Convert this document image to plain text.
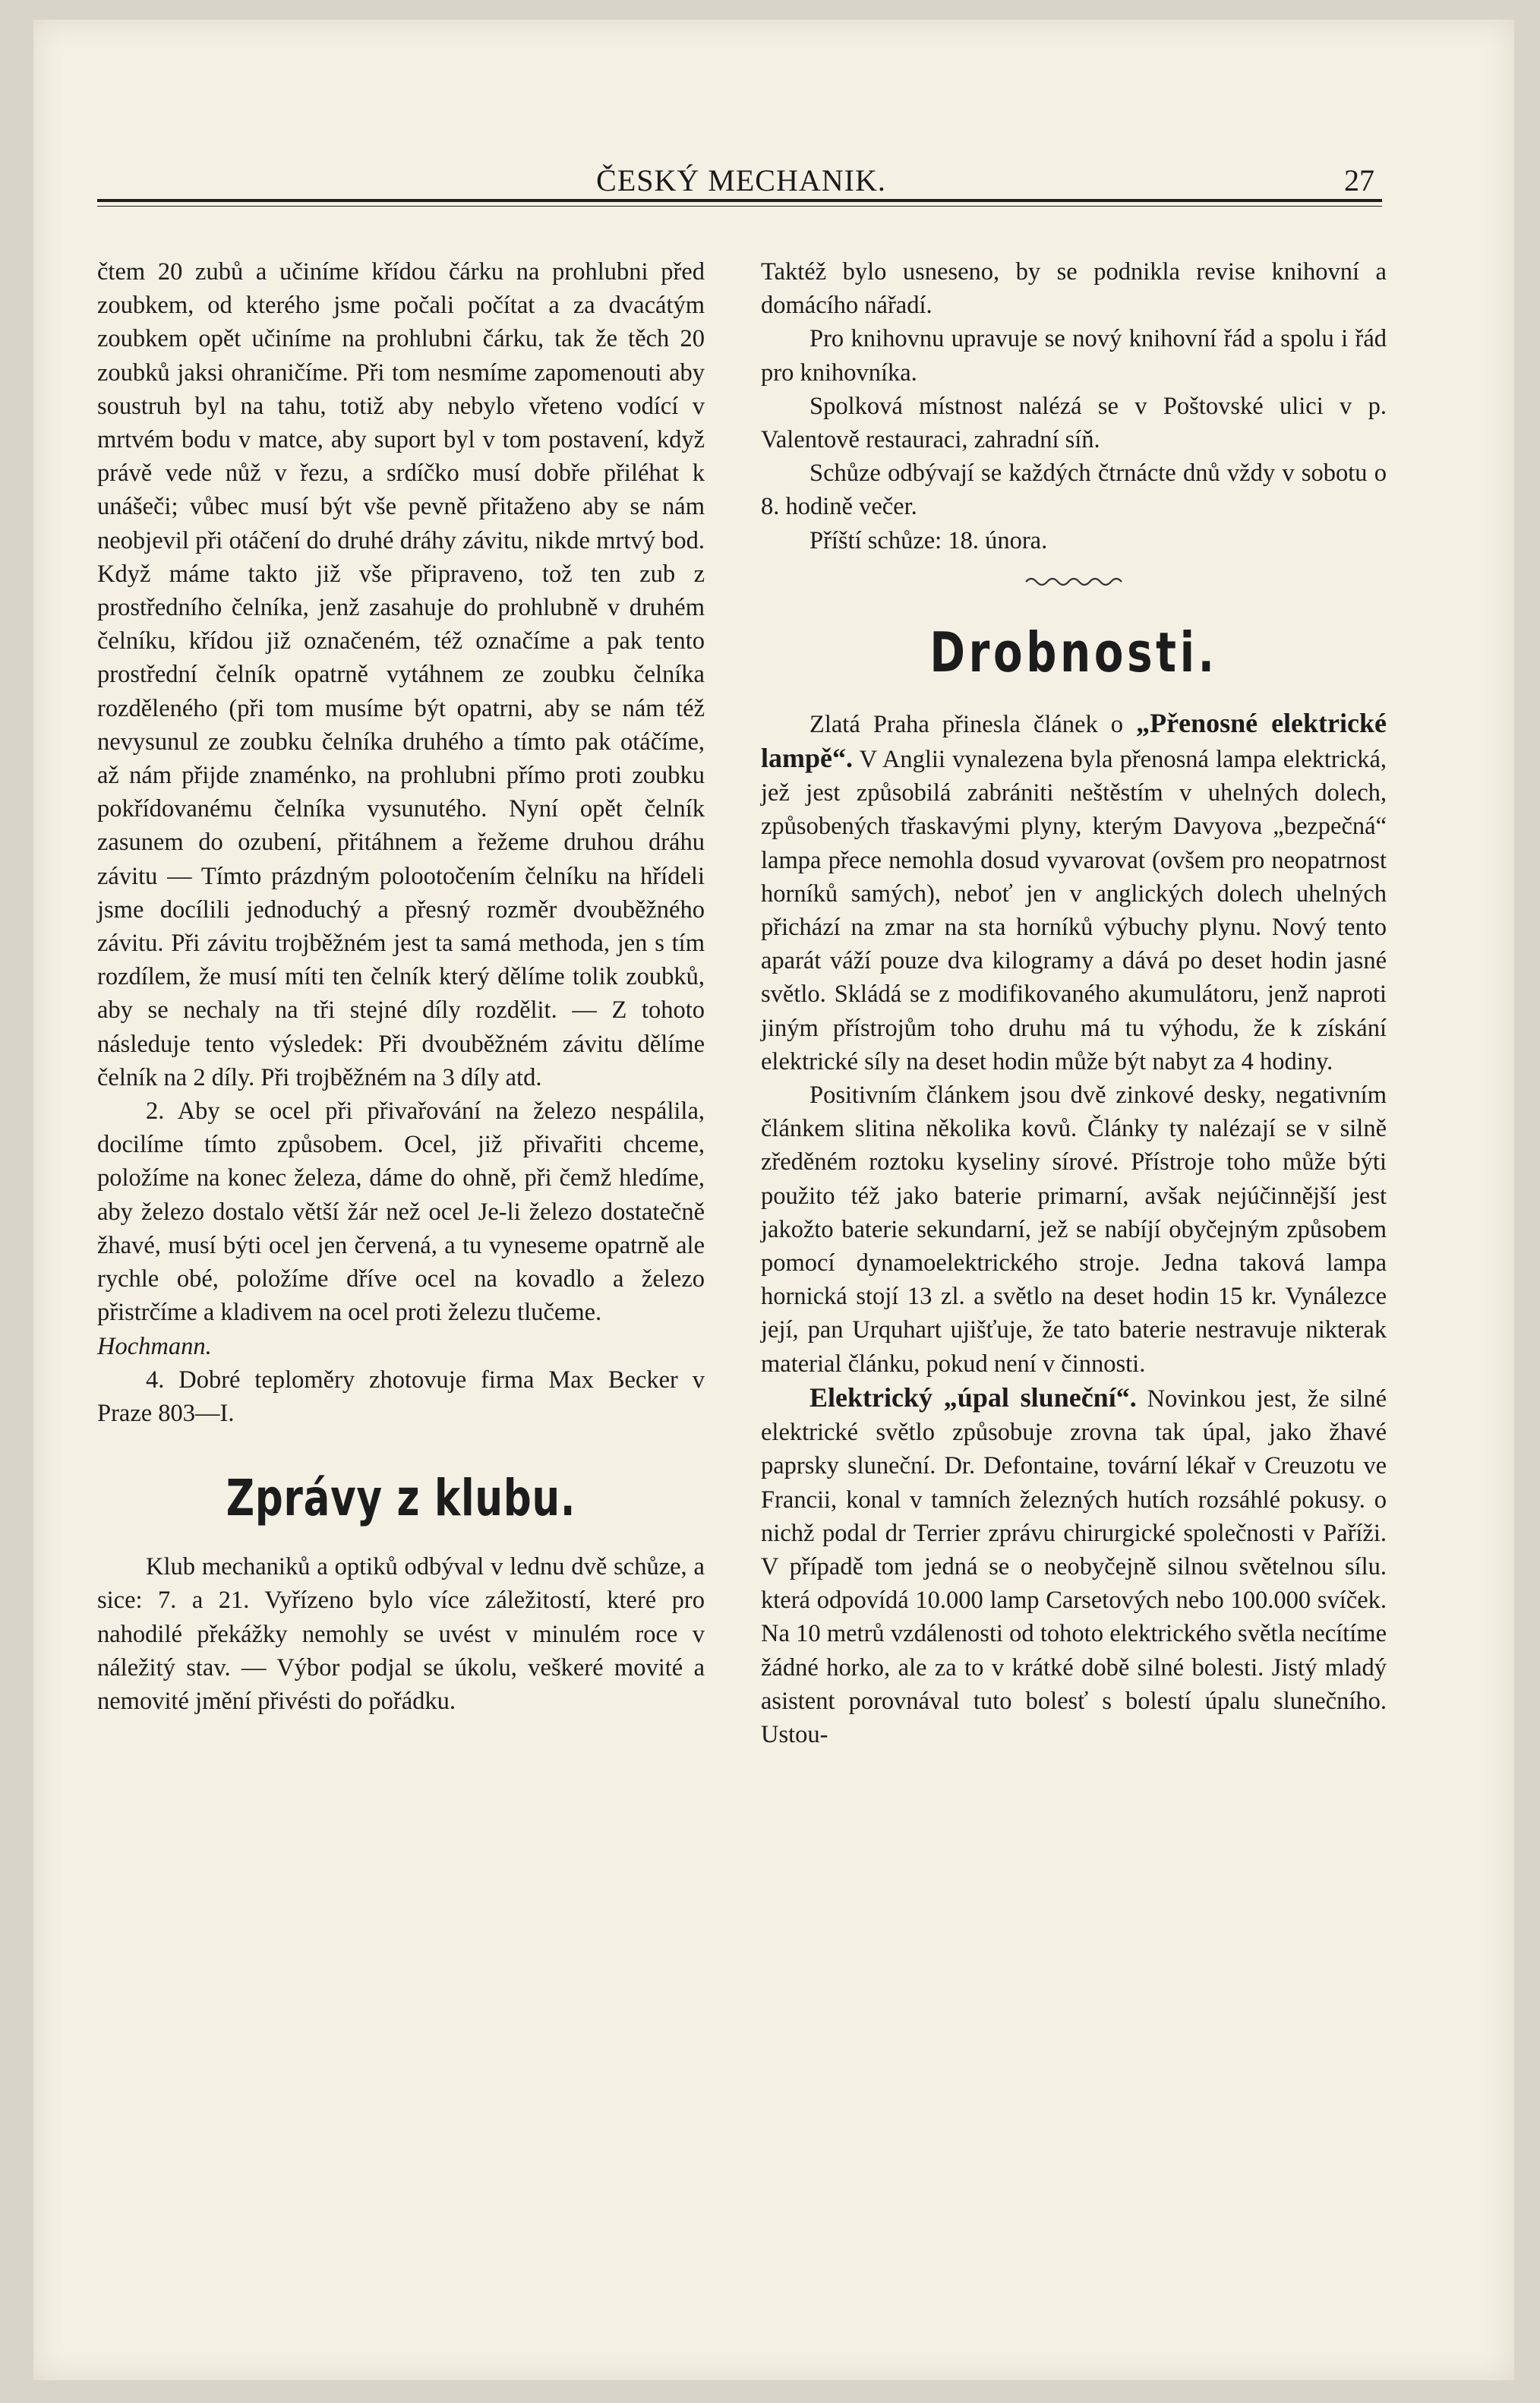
ČESKÝ MECHANIK.	27

čtem 20 zubů a učiníme křídou čárku na prohlubni před zoubkem, od kterého jsme počali počítat a za dvacátým zoubkem opět učiníme na prohlubni čárku, tak že těch 20 zoubků jaksi ohraničíme. Při tom nesmíme zapomenouti aby soustruh byl na tahu, totiž aby nebylo vřeteno vodící v mrtvém bodu v matce, aby suport byl v tom postavení, když právě vede nůž v řezu, a srdíčko musí dobře přiléhat k unášeči; vůbec musí být vše pevně přitaženo aby se nám neobjevil při otáčení do druhé dráhy závitu, nikde mrtvý bod. Když máme takto již vše připraveno, tož ten zub z prostředního čelníka, jenž zasahuje do prohlubně v druhém čelníku, křídou již označeném, též označíme a pak tento prostřední čelník opatrně vytáhnem ze zoubku čelníka rozděleného (při tom musíme být opatrni, aby se nám též nevysunul ze zoubku čelníka druhého a tímto pak otáčíme, až nám přijde znaménko, na prohlubni přímo proti zoubku pokřídovanému čelníka vysunutého. Nyní opět čelník zasunem do ozubení, přitáhnem a řežeme druhou dráhu závitu — Tímto prázdným polootočením čelníku na hřídeli jsme docílili jednoduchý a přesný rozměr dvouběžného závitu. Při závitu trojběžném jest ta samá methoda, jen s tím rozdílem, že musí míti ten čelník který dělíme tolik zoubků, aby se nechaly na tři stejné díly rozdělit. — Z tohoto následuje tento výsledek: Při dvouběžném závitu dělíme čelník na 2 díly. Při trojběžném na 3 díly atd.

2. Aby se ocel při přivařování na železo nespálila, docilíme tímto způsobem. Ocel, již přivařiti chceme, položíme na konec železa, dáme do ohně, při čemž hledíme, aby železo dostalo větší žár než ocel Je-li železo dostatečně žhavé, musí býti ocel jen červená, a tu vyneseme opatrně ale rychle obé, položíme dříve ocel na kovadlo a železo přistrčíme a kladivem na ocel proti železu tlučeme.

Hochmann.

4. Dobré teploměry zhotovuje firma Max Becker v Praze 803—I.

Zprávy z klubu.

Klub mechaniků a optiků odbýval v lednu dvě schůze, a sice: 7. a 21. Vyřízeno bylo více záležitostí, které pro nahodilé překážky nemohly se uvést v minulém roce v náležitý stav. — Výbor podjal se úkolu, veškeré movité a nemovité jmění přivésti do pořádku.

Taktéž bylo usneseno, by se podnikla revise knihovní a domácího nářadí.

Pro knihovnu upravuje se nový knihovní řád a spolu i řád pro knihovníka.

Spolková místnost nalézá se v Poštovské ulici v p. Valentově restauraci, zahradní síň.

Schůze odbývají se každých čtrnácte dnů vždy v sobotu o 8. hodině večer.

Příští schůze: 18. února.

Drobnosti.

Zlatá Praha přinesla článek o „Přenosné elektrické lampě“. V Anglii vynalezena byla přenosná lampa elektrická, jež jest způsobilá zabrániti neštěstím v uhelných dolech, způsobených třaskavými plyny, kterým Davyova „bezpečná“ lampa přece nemohla dosud vyvarovat (ovšem pro neopatrnost horníků samých), neboť jen v anglických dolech uhelných přichází na zmar na sta horníků výbuchy plynu. Nový tento aparát váží pouze dva kilogramy a dává po deset hodin jasné světlo. Skládá se z modifikovaného akumulátoru, jenž naproti jiným přístrojům toho druhu má tu výhodu, že k získání elektrické síly na deset hodin může být nabyt za 4 hodiny.

Positivním článkem jsou dvě zinkové desky, negativním článkem slitina několika kovů. Články ty nalézají se v silně zředěném roztoku kyseliny sírové. Přístroje toho může býti použito též jako baterie primarní, avšak nejúčinnější jest jakožto baterie sekundarní, jež se nabíjí obyčejným způsobem pomocí dynamoelektrického stroje. Jedna taková lampa hornická stojí 13 zl. a světlo na deset hodin 15 kr. Vynálezce její, pan Urquhart ujišťuje, že tato baterie nestravuje nikterak material článku, pokud není v činnosti.

Elektrický „úpal sluneční“. Novinkou jest, že silné elektrické světlo způsobuje zrovna tak úpal, jako žhavé paprsky sluneční. Dr. Defontaine, tovární lékař v Creuzotu ve Francii, konal v tamních železných hutích rozsáhlé pokusy. o nichž podal dr Terrier zprávu chirurgické společnosti v Paříži. V případě tom jedná se o neobyčejně silnou světelnou sílu. která odpovídá 10.000 lamp Carsetových nebo 100.000 svíček. Na 10 metrů vzdálenosti od tohoto elektrického světla necítíme žádné horko, ale za to v krátké době silné bolesti. Jistý mladý asistent porovnával tuto bolesť s bolestí úpalu slunečního. Ustou-
